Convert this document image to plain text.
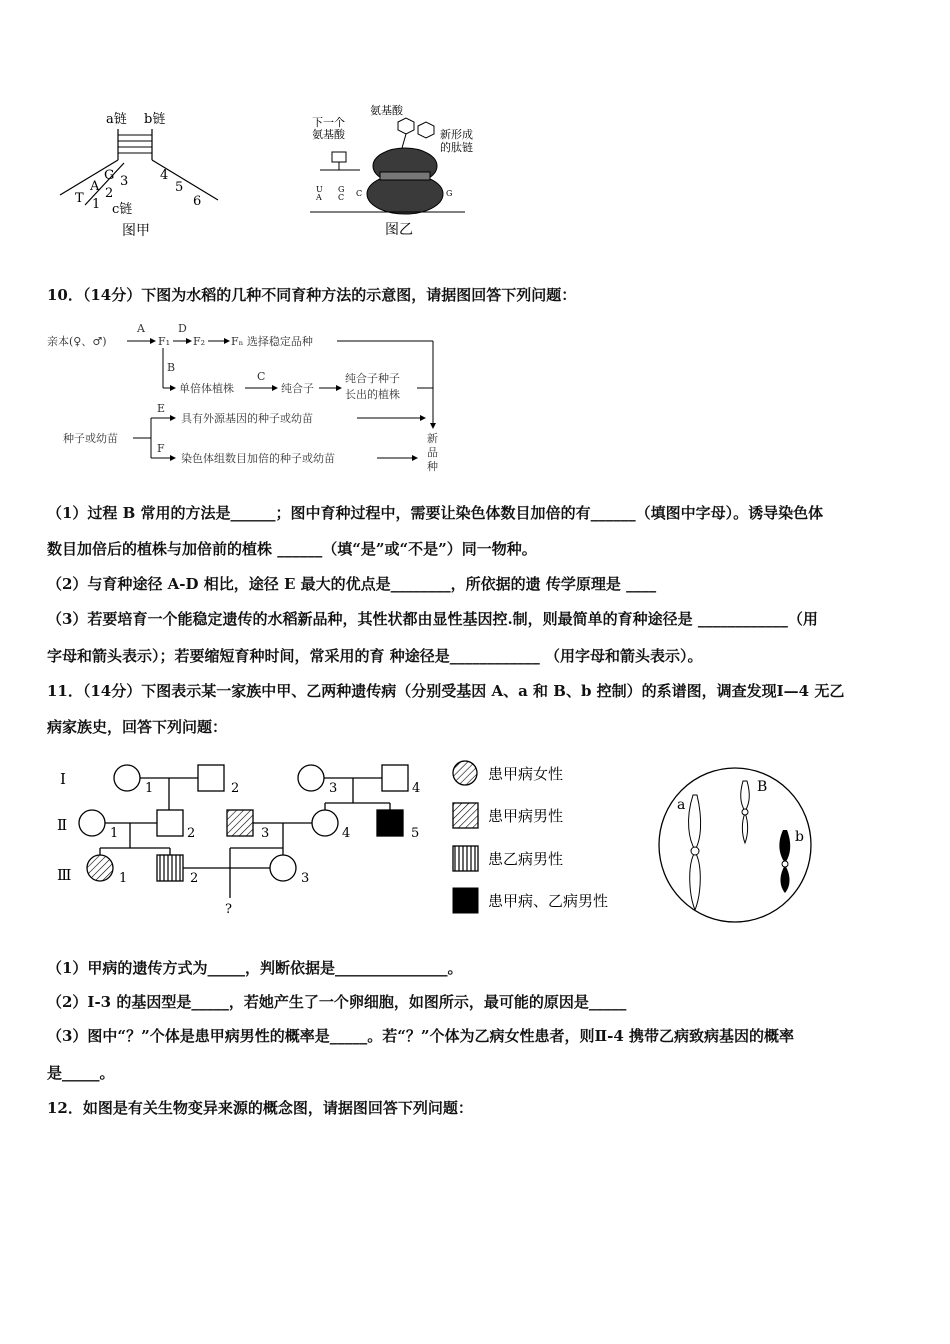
a链 b链
T
A
G
1
2
3 4
5
6
c链
图甲
氨基酸
下一个
氨基酸	新形成
的肽链
U
A
G
C C	G
图乙
10．（14分）下图为水稻的几种不同育种方法的示意图，请据图回答下列问题：
亲本(♀、♂)
A
F₁
D
F₂ Fₙ 选择稳定品种
B
单倍体植株
C
纯合子
纯合子种子
长出的植株
种子或幼苗
E
具有外源基因的种子或幼苗
F
染色体组数目加倍的种子或幼苗
新
品
种
（1）过程 B 常用的方法是______；图中育种过程中，需要让染色体数目加倍的有______（填图中字母）。诱导染色体
数目加倍后的植株与加倍前的植株 ______（填“是”或“不是”）同一物种。
（2）与育种途径 A-D 相比，途径 E 最大的优点是________，所依据的遗 传学原理是 ____
（3）若要培育一个能稳定遗传的水稻新品种，其性状都由显性基因控.制，则最简单的育种途径是 ____________（用
字母和箭头表示）；若要缩短育种时间，常采用的育 种途径是____________ （用字母和箭头表示）。
11．（14分）下图表示某一家族中甲、乙两种遗传病（分别受基因 A、a 和 B、b 控制）的系谱图，调查发现Ⅰ—4 无乙
病家族史，回答下列问题：
Ⅰ
Ⅱ
Ⅲ
1	2	3	4
1	2	3	4	5
1	2	3
?
患甲病女性
患甲病男性
患乙病男性
患甲病、乙病男性
a
B
b
（1）甲病的遗传方式为_____，判断依据是_______________。
（2）Ⅰ-3 的基因型是_____，若她产生了一个卵细胞，如图所示，最可能的原因是_____
（3）图中“？”个体是患甲病男性的概率是_____。若“？”个体为乙病女性患者，则Ⅱ-4 携带乙病致病基因的概率
是_____。
12．如图是有关生物变异来源的概念图，请据图回答下列问题：
